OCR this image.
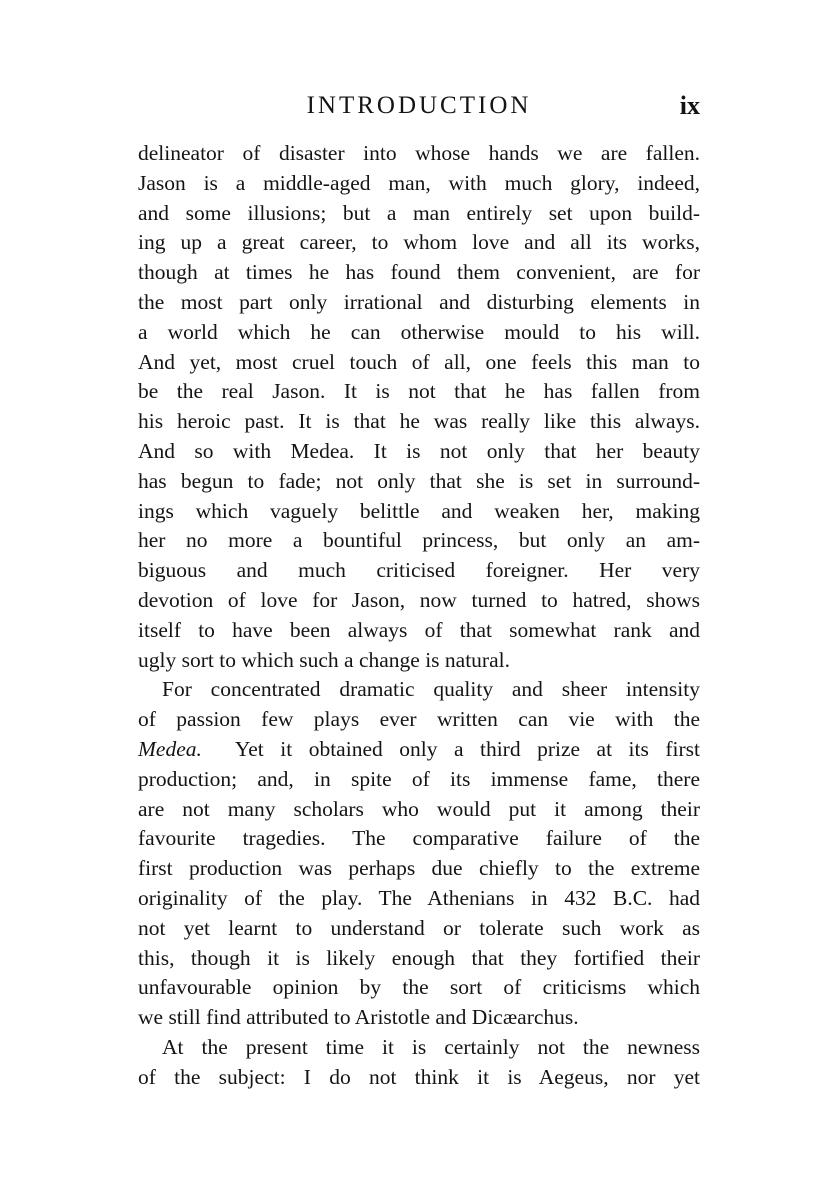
INTRODUCTION	ix
delineator of disaster into whose hands we are fallen.
Jason is a middle-aged man, with much glory, indeed,
and some illusions; but a man entirely set upon build-
ing up a great career, to whom love and all its works,
though at times he has found them convenient, are for
the most part only irrational and disturbing elements in
a world which he can otherwise mould to his will.
And yet, most cruel touch of all, one feels this man to
be the real Jason. It is not that he has fallen from
his heroic past. It is that he was really like this always.
And so with Medea. It is not only that her beauty
has begun to fade; not only that she is set in surround-
ings which vaguely belittle and weaken her, making
her no more a bountiful princess, but only an am-
biguous and much criticised foreigner. Her very
devotion of love for Jason, now turned to hatred, shows
itself to have been always of that somewhat rank and
ugly sort to which such a change is natural.
For concentrated dramatic quality and sheer intensity
of passion few plays ever written can vie with the
Medea. Yet it obtained only a third prize at its first
production; and, in spite of its immense fame, there
are not many scholars who would put it among their
favourite tragedies. The comparative failure of the
first production was perhaps due chiefly to the extreme
originality of the play. The Athenians in 432 B.C. had
not yet learnt to understand or tolerate such work as
this, though it is likely enough that they fortified their
unfavourable opinion by the sort of criticisms which
we still find attributed to Aristotle and Dicæarchus.
At the present time it is certainly not the newness
of the subject: I do not think it is Aegeus, nor yet
